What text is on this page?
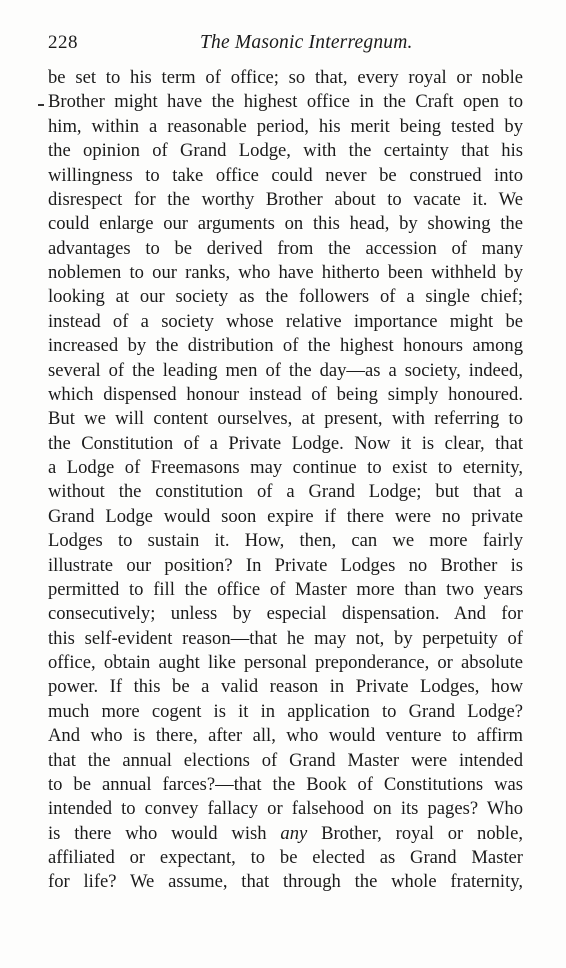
228	The Masonic Interregnum.
be set to his term of office; so that, every royal or noble
Brother might have the highest office in the Craft open to
him, within a reasonable period, his merit being tested by
the opinion of Grand Lodge, with the certainty that his
willingness to take office could never be construed into
disrespect for the worthy Brother about to vacate it. We
could enlarge our arguments on this head, by showing the
advantages to be derived from the accession of many
noblemen to our ranks, who have hitherto been withheld by
looking at our society as the followers of a single chief;
instead of a society whose relative importance might be
increased by the distribution of the highest honours among
several of the leading men of the day—as a society, indeed,
which dispensed honour instead of being simply honoured.
But we will content ourselves, at present, with referring to
the Constitution of a Private Lodge. Now it is clear, that
a Lodge of Freemasons may continue to exist to eternity,
without the constitution of a Grand Lodge; but that a
Grand Lodge would soon expire if there were no private
Lodges to sustain it. How, then, can we more fairly
illustrate our position? In Private Lodges no Brother is
permitted to fill the office of Master more than two years
consecutively; unless by especial dispensation. And for
this self-evident reason—that he may not, by perpetuity of
office, obtain aught like personal preponderance, or absolute
power. If this be a valid reason in Private Lodges, how
much more cogent is it in application to Grand Lodge?
And who is there, after all, who would venture to affirm
that the annual elections of Grand Master were intended
to be annual farces?—that the Book of Constitutions was
intended to convey fallacy or falsehood on its pages? Who
is there who would wish any Brother, royal or noble,
affiliated or expectant, to be elected as Grand Master
for life? We assume, that through the whole fraternity,
